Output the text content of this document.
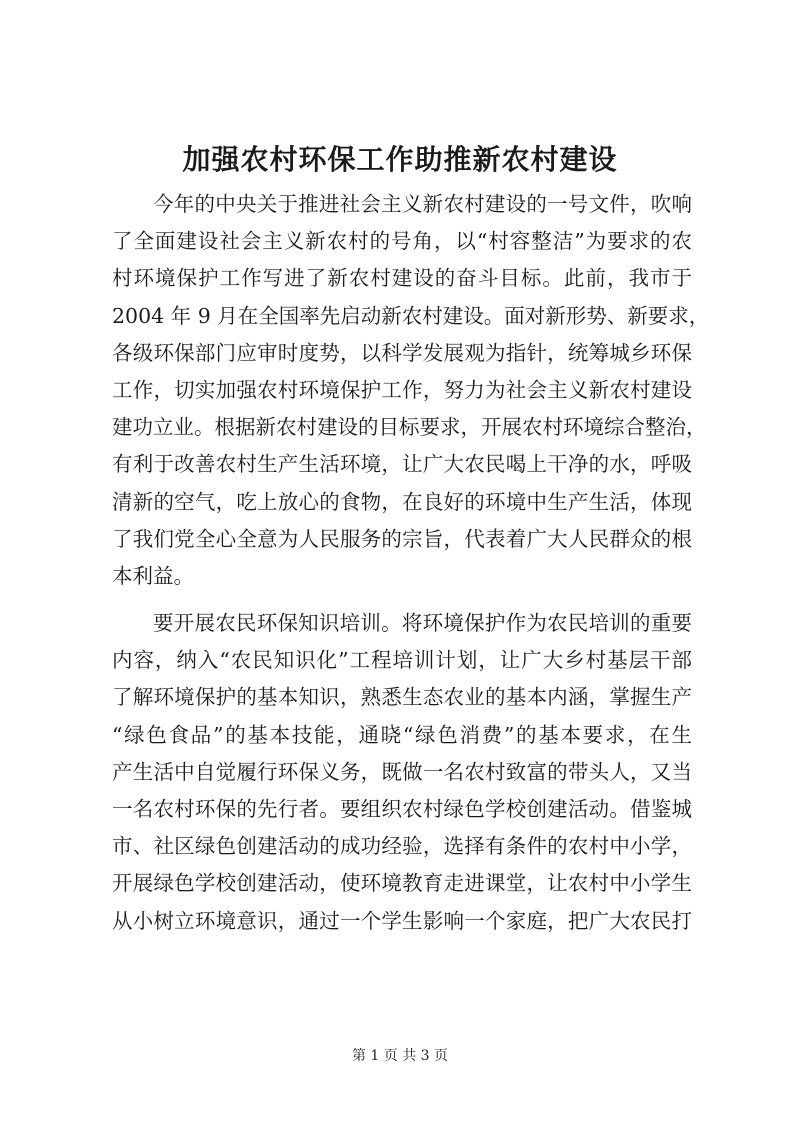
加强农村环保工作助推新农村建设

今年的中央关于推进社会主义新农村建设的一号文件，吹响
了全面建设社会主义新农村的号角，以“村容整洁”为要求的农
村环境保护工作写进了新农村建设的奋斗目标。此前，我市于
2004 年 9 月在全国率先启动新农村建设。面对新形势、新要求，
各级环保部门应审时度势，以科学发展观为指针，统筹城乡环保
工作，切实加强农村环境保护工作，努力为社会主义新农村建设
建功立业。根据新农村建设的目标要求，开展农村环境综合整治，
有利于改善农村生产生活环境，让广大农民喝上干净的水，呼吸
清新的空气，吃上放心的食物，在良好的环境中生产生活，体现
了我们党全心全意为人民服务的宗旨，代表着广大人民群众的根
本利益。

要开展农民环保知识培训。将环境保护作为农民培训的重要
内容，纳入“农民知识化”工程培训计划，让广大乡村基层干部
了解环境保护的基本知识，熟悉生态农业的基本内涵，掌握生产
“绿色食品”的基本技能，通晓“绿色消费”的基本要求，在生
产生活中自觉履行环保义务，既做一名农村致富的带头人，又当
一名农村环保的先行者。要组织农村绿色学校创建活动。借鉴城
市、社区绿色创建活动的成功经验，选择有条件的农村中小学，
开展绿色学校创建活动，使环境教育走进课堂，让农村中小学生
从小树立环境意识，通过一个学生影响一个家庭，把广大农民打

第 1 页 共 3 页
